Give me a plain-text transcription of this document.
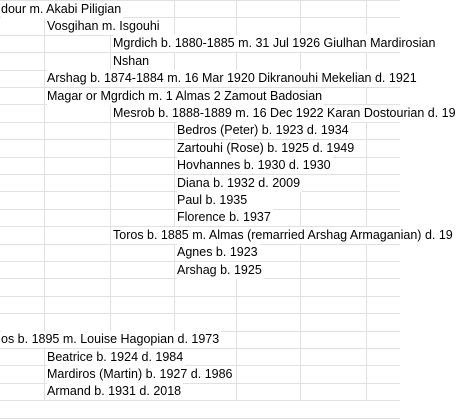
dour m. Akabi Piligian
Vosgihan m. Isgouhi
Mgrdich b. 1880-1885 m. 31 Jul 1926 Giulhan Mardirosian
Nshan
Arshag b. 1874-1884 m. 16 Mar 1920 Dikranouhi Mekelian d. 1921
Magar or Mgrdich m. 1 Almas 2 Zamout Badosian
Mesrob b. 1888-1889 m. 16 Dec 1922 Karan Dostourian d. 19
Bedros (Peter) b. 1923 d. 1934
Zartouhi (Rose) b. 1925 d. 1949
Hovhannes b. 1930 d. 1930
Diana b. 1932 d. 2009
Paul b. 1935
Florence b. 1937
Toros b. 1885 m. Almas (remarried Arshag Armaganian) d. 19
Agnes b. 1923
Arshag b. 1925
os b. 1895 m. Louise Hagopian d. 1973
Beatrice b. 1924 d. 1984
Mardiros (Martin) b. 1927 d. 1986
Armand b. 1931 d. 2018
